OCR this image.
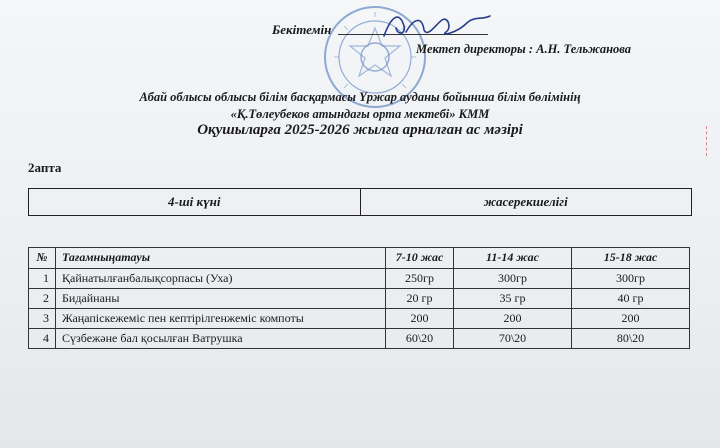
Бекітемін
Мектеп директоры : А.Н. Тельжанова
Абай облысы облысы білім басқармасы Үржар ауданы бойынша білім бөлімінің
«Қ.Төлеубеков атындағы орта мектебі» КММ
Оқушыларға 2025-2026 жылға арналған ас мәзірі
2апта
4-ші күні	жасерекшелігі
№	Тағамныңатауы	7-10 жас	11-14 жас	15-18 жас
1	Қайнатылғанбалықсорпасы (Уха)	250гр	300гр	300гр
2	Бидайнаны	20 гр	35 гр	40 гр
3	Жаңапіскежеміс пен кептірілгенжеміс компоты	200	200	200
4	Сүзбежәне бал қосылған Ватрушка	60\20	70\20	80\20
